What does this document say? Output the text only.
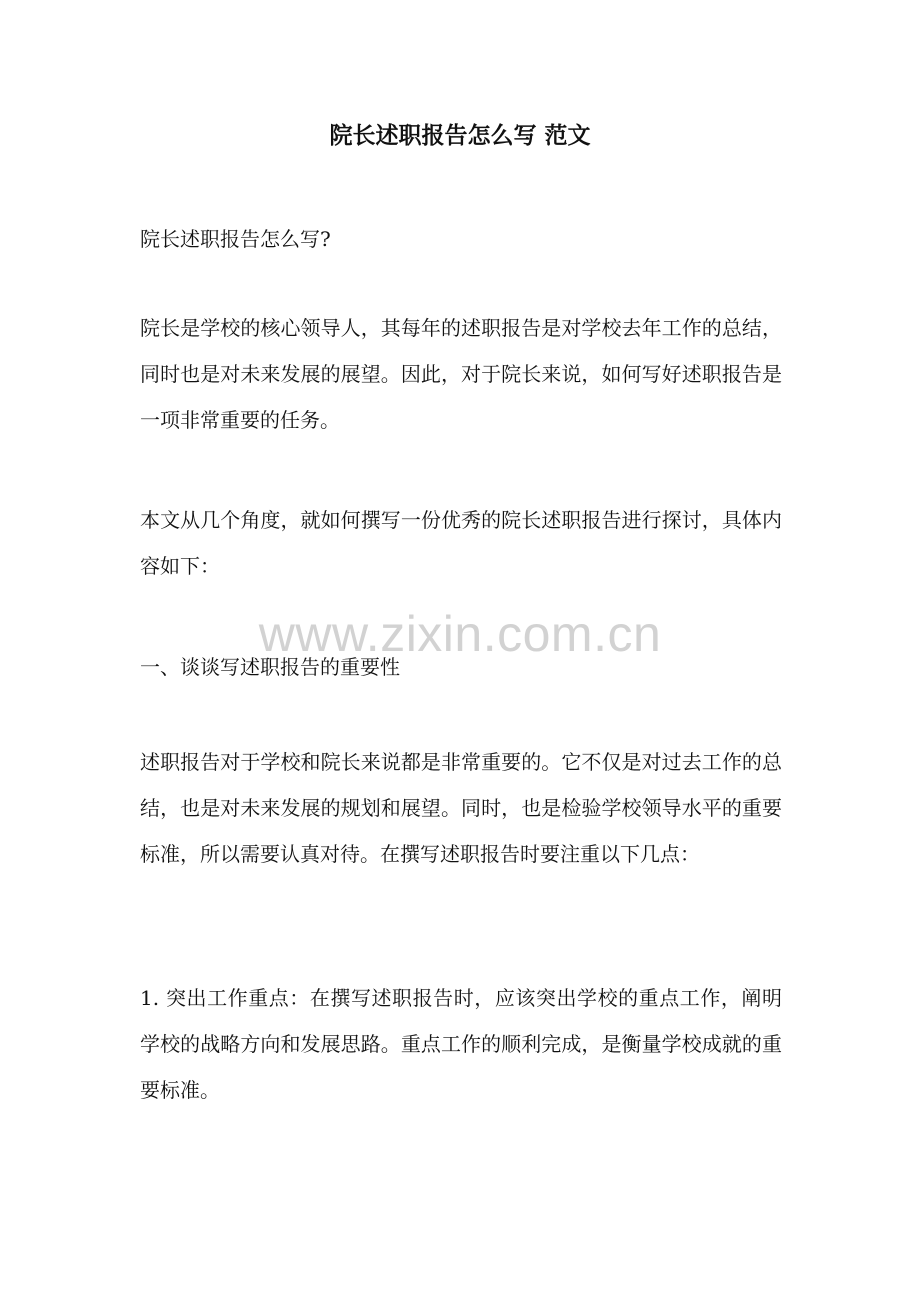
院长述职报告怎么写 范文

院长述职报告怎么写?

院长是学校的核心领导人，其每年的述职报告是对学校去年工作的总结，同时也是对未来发展的展望。因此，对于院长来说，如何写好述职报告是一项非常重要的任务。

本文从几个角度，就如何撰写一份优秀的院长述职报告进行探讨，具体内容如下：

一、谈谈写述职报告的重要性

述职报告对于学校和院长来说都是非常重要的。它不仅是对过去工作的总结，也是对未来发展的规划和展望。同时，也是检验学校领导水平的重要标准，所以需要认真对待。在撰写述职报告时要注重以下几点：

1. 突出工作重点：在撰写述职报告时，应该突出学校的重点工作，阐明学校的战略方向和发展思路。重点工作的顺利完成，是衡量学校成就的重要标准。

www.zixin.com.cn
